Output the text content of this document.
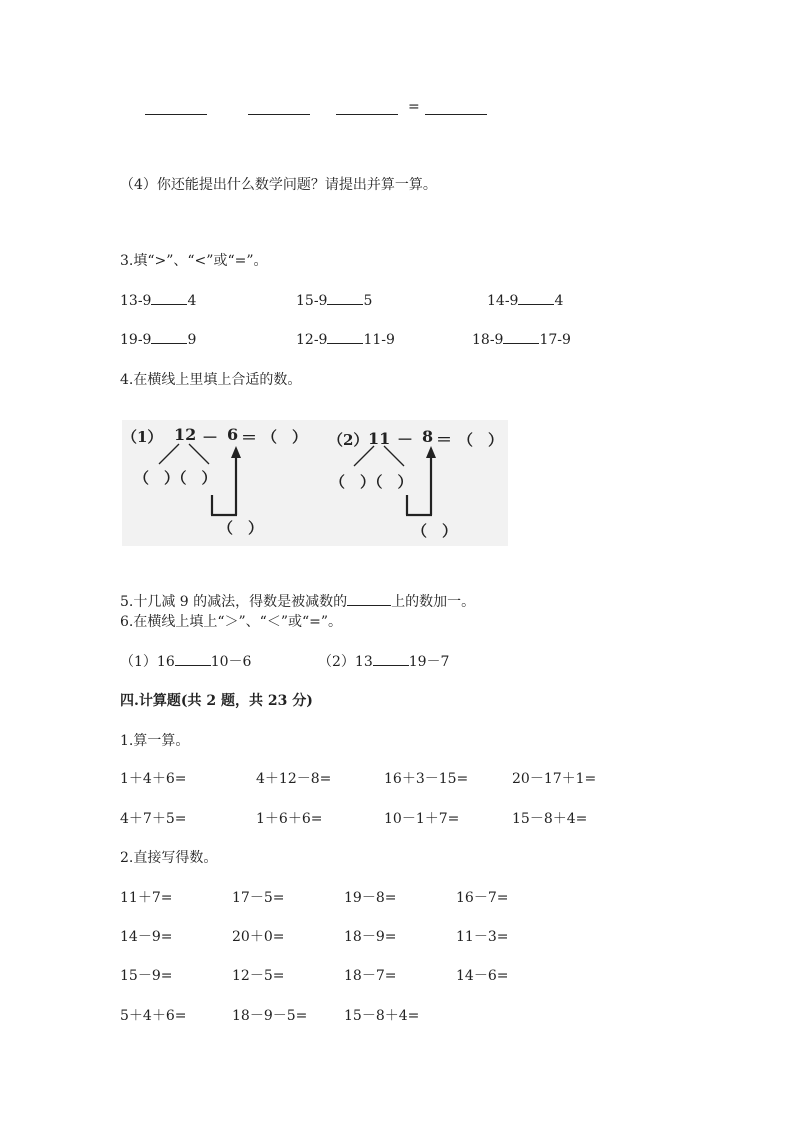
=
（4）你还能提出什么数学问题？请提出并算一算。
3.填“>”、“<”或“=”。
13-9	4	15-9	5	14-9	4
19-9	9	12-9	11-9	18-9	17-9
4.在横线上里填上合适的数。
（1） 12 － 6 ＝ （　）
（　）（　）
（　）
（2） 11 － 8 ＝ （　）
（　）（　）
（　）
5.十几减 9 的减法，得数是被减数的	上的数加一。
6.在横线上填上“＞”、“＜”或“=”。
（1）16	10－6	（2）13	19－7
四.计算题(共 2 题，共 23 分)
1.算一算。
1＋4＋6=	4＋12－8=	16＋3－15=	20－17＋1=
4＋7＋5=	1＋6＋6=	10－1＋7=	15－8＋4=
2.直接写得数。
11＋7=	17－5=	19－8=	16－7=
14－9=	20＋0=	18－9=	11－3=
15－9=	12－5=	18－7=	14－6=
5＋4＋6=	18－9－5=	15－8＋4=
